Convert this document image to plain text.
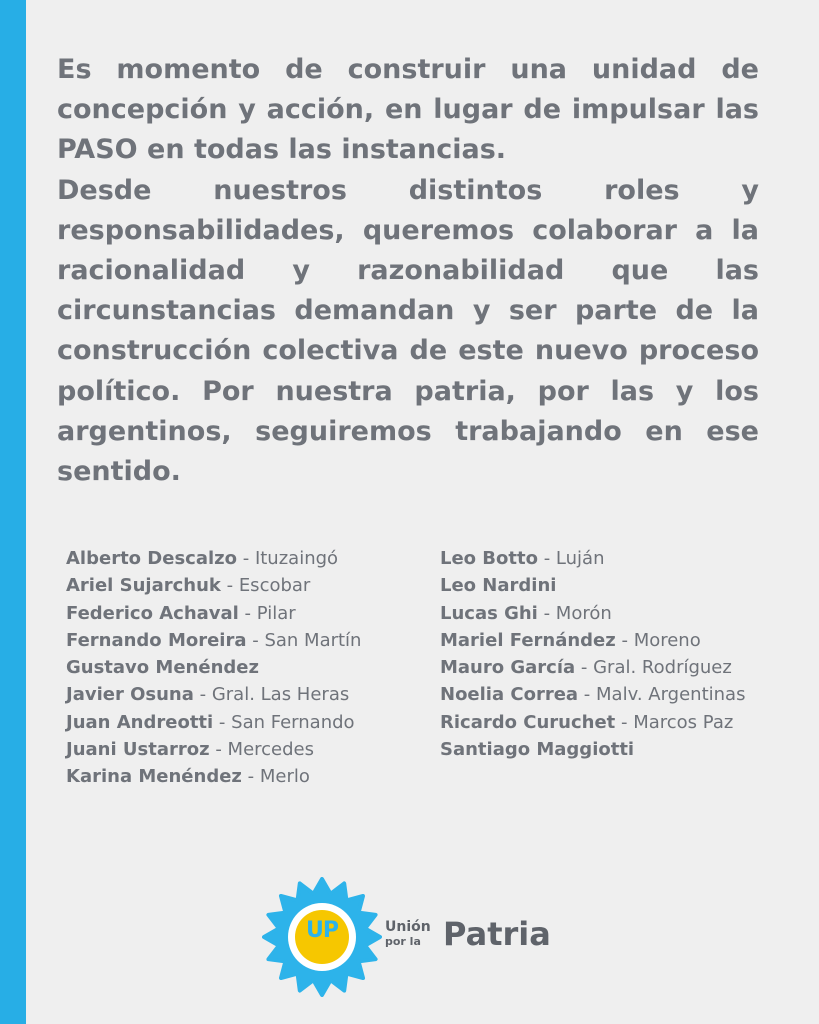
Es momento de construir una unidad de concepción y acción, en lugar de impulsar las PASO en todas las instancias.

Desde nuestros distintos roles y responsabilidades, queremos colaborar a la racionalidad y razonabilidad que las circunstancias demandan y ser parte de la construcción colectiva de este nuevo proceso político. Por nuestra patria, por las y los argentinos, seguiremos trabajando en ese sentido.

Alberto Descalzo - Ituzaingó
Ariel Sujarchuk - Escobar
Federico Achaval - Pilar
Fernando Moreira - San Martín
Gustavo Menéndez
Javier Osuna - Gral. Las Heras
Juan Andreotti - San Fernando
Juani Ustarroz - Mercedes
Karina Menéndez - Merlo
Leo Botto - Luján
Leo Nardini
Lucas Ghi - Morón
Mariel Fernández - Moreno
Mauro García - Gral. Rodríguez
Noelia Correa - Malv. Argentinas
Ricardo Curuchet - Marcos Paz
Santiago Maggiotti
UP	Unión
por la Patria
